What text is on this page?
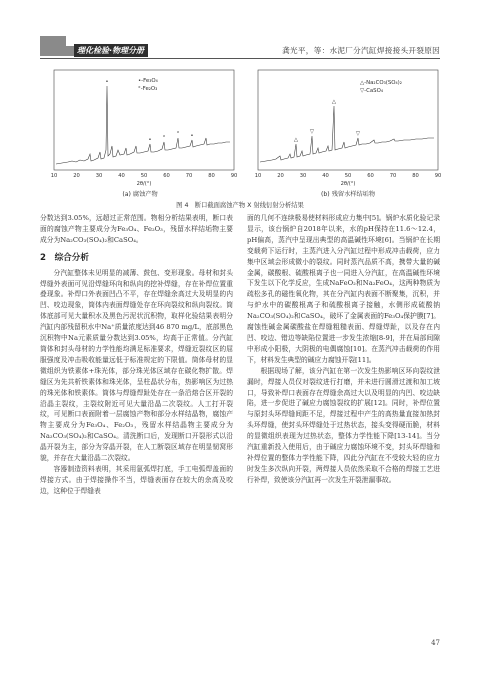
理化检验·物理分册	龚光平，等：水泥厂分汽缸焊接接头开裂原因
•
° •
°
•
•-Fe₃O₄
°-Fe₂O₃
10	20	30	40	50	60	70	80	90
2θ/(°)
(a) 腐蚀产物
△
▽
△
▽
△-Na₂CO₃(SO₄)₂
▽-CaSO₄
10	20	30	40	50	60	70	80	90
2θ/(°)
(b) 残留水样结垢物
图 4　断口截面腐蚀产物 X 射线衍射分析结果

分数达到3.05%，远超过正常范围。物相分析结果表明，断口表面的腐蚀产物主要成分为Fe₃O₄、Fe₂O₃，残留水样结垢物主要成分为Na₂CO₃(SO₄)₂和CaSO₄。

2　综合分析

分汽缸整体未见明显的减薄、鼓包、变形现象。母材和封头焊缝外表面可见沿焊缝环向和纵向的挖补焊缝，存在补焊位置重叠现象。补焊口外表面凹凸不平，存在焊缝余高过大及明显的内凹、咬边现象，筒体内表面焊缝处存在环向裂纹和纵向裂纹。筒体底部可见大量积水及黑色污泥状沉积物，取样化验结果表明分汽缸内部残留积水中Na⁺质量浓度达到46 870 mg/L，底部黑色沉积物中Na元素质量分数达到3.05%，均高于正常值。分汽缸筒体和封头母材的力学性能均满足标准要求，焊缝近裂纹区的屈服强度及冲击吸收能量远低于标准规定的下限值。筒体母材的显微组织为铁素体+珠光体，部分珠光体区域存在碳化物扩散。焊缝区为先共析铁素体和珠光体，呈柱晶状分布，热影响区为过热的珠光体和铁素体。筒体与焊缝焊趾处存在一条沿熔合区开裂的沿晶主裂纹，主裂纹附近可见大量沿晶二次裂纹。人工打开裂纹，可见断口表面附着一层腐蚀产物和部分水样结晶物，腐蚀产物主要成分为Fe₃O₄、Fe₂O₃，残留水样结晶物主要成分为Na₂CO₃(SO₄)₂和CaSO₄。清洗断口后，发现断口开裂形式以沿晶开裂为主，部分为穿晶开裂，在人工断裂区域存在明显韧窝形貌，并存在大量沿晶二次裂纹。

容器制造资料表明，其采用氩弧焊打底，手工电弧焊盖面的焊接方式。由于焊接操作不当，焊缝表面存在较大的余高及咬边，这种位于焊缝表

面的几何不连续极易使材料形成应力集中[5]。锅炉水质化验记录显示，该台锅炉自2018年以来，水的pH保持在11.6～12.4，pH偏高，蒸汽中呈现出典型的高温碱性环境[6]。当锅炉在长期变载荷下运行时，主蒸汽进入分汽缸过程中形成冲击载荷，应力集中区域会形成微小的裂纹。同时蒸汽品质不高，携带大量的碱金属，碳酸根、硫酸根离子也一同进入分汽缸，在高温碱性环境下发生以下化学反应，生成NaFeO₂和Na₂FeO₄，这两种物质为疏松多孔的磁性氧化物，其在分汽缸内表面不断聚集，沉积，并与炉水中的碳酸根离子和硫酸根离子接触，水侧形成硫酸钠Na₂CO₃(SO₄)₂和CaSO₄，破坏了金属表面的Fe₃O₄保护膜[7]。腐蚀性碱金属碳酸盐在焊缝粗糙表面、焊缝焊趾，以及存在内凹、咬边、错边等缺陷位置进一步发生浓缩[8-9]，并在局部间隙中形成小阳极，大阴极的电偶腐蚀[10]。在蒸汽冲击载荷的作用下，材料发生典型的碱应力腐蚀开裂[11]。

根据现场了解，该分汽缸在第一次发生热影响区环向裂纹泄漏时，焊接人员仅对裂纹进行打磨，并未进行圆滑过渡和加工坡口，导致补焊口表面存在焊缝余高过大以及明显的内凹、咬边缺陷，进一步促进了碱应力腐蚀裂纹的扩展[12]。同时，补焊位置与原封头环焊缝间距不足，焊接过程中产生的高热量直接加热封头环焊缝，使封头环焊缝处于过热状态，接头变得硬而脆，材料的显微组织表现为过热状态，整体力学性能下降[13-14]。当分汽缸重新投入使用后，由于碱应力腐蚀环境不变，封头环焊缝和补焊位置的整体力学性能下降，四此分汽缸在不受较大轻的应力时发生多次纵向开裂，两焊接人员依然采取不合格的焊接工艺进行补焊，致使该分汽缸再一次发生开裂泄漏事故。

47
